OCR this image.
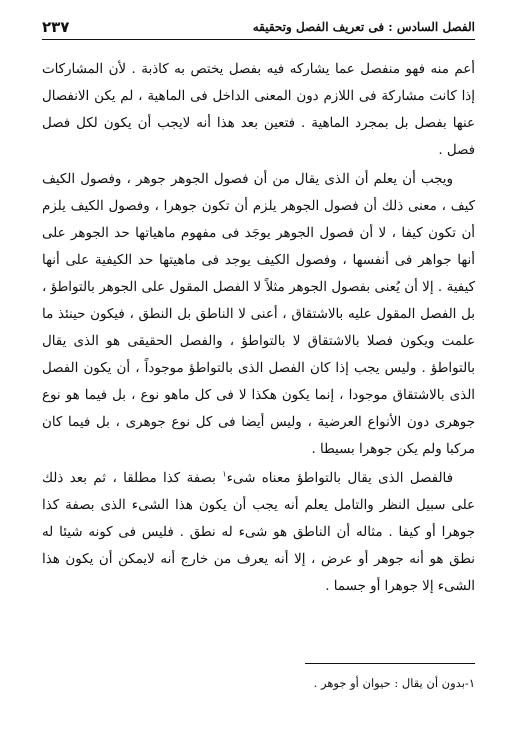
الفصل السادس : فى تعريف الفصل وتحقيقه
٢٣٧

أعم منه فهو منفصل عما يشاركه فيه بفصل يختص به كاذبة . لأن المشاركات إذا كانت مشاركة فى اللازم دون المعنى الداخل فى الماهية ، لم يكن الانفصال عنها بفصل بل بمجرد الماهية . فتعين بعد هذا أنه لايجب أن يكون لكل فصل فصل .

ويجب أن يعلم أن الذى يقال من أن فصول الجوهر جوهر ، وفصول الكيف كيف ، معنى ذلك أن فصول الجوهر يلزم أن تكون جوهرا ، وفصول الكيف يلزم أن تكون كيفا ، لا أن فصول الجوهر يوجَد فى مفهوم ماهياتها حد الجوهر على أنها جواهر فى أنفسها ، وفصول الكيف يوجد فى ماهيتها حد الكيفية على أنها كيفية . إلا أن يُعنى بفصول الجوهر مثلاً لا الفصل المقول على الجوهر بالتواطؤ ، بل الفصل المقول عليه بالاشتقاق ، أعنى لا الناطق بل النطق ، فيكون حينئذ ما علمت ويكون فصلا بالاشتقاق لا بالتواطؤ ، والفصل الحقيقى هو الذى يقال بالتواطؤ . وليس يجب إذا كان الفصل الذى بالتواطؤ موجوداً ، أن يكون الفصل الذى بالاشتقاق موجودا ، إنما يكون هكذا لا فى كل ماهو نوع ، بل فيما هو نوع جوهرى دون الأنواع العرضية ، وليس أيضا فى كل نوع جوهرى ، بل فيما كان مركبا ولم يكن جوهرا بسيطا .

فالفصل الذى يقال بالتواطؤ معناه شىء$^١$ بصفة كذا مطلقا ، ثم بعد ذلك على سبيل النظر والتامل يعلم أنه يجب أن يكون هذا الشىء الذى بصفة كذا جوهرا أو كيفا . مثاله أن الناطق هو شىء له نطق . فليس فى كونه شيئا له نطق هو أنه جوهر أو عرض ، إلا أنه يعرف من خارج أنه لايمكن أن يكون هذا الشىء إلا جوهرا أو جسما .

١-بدون أن يقال : حيوان أو جوهر .
